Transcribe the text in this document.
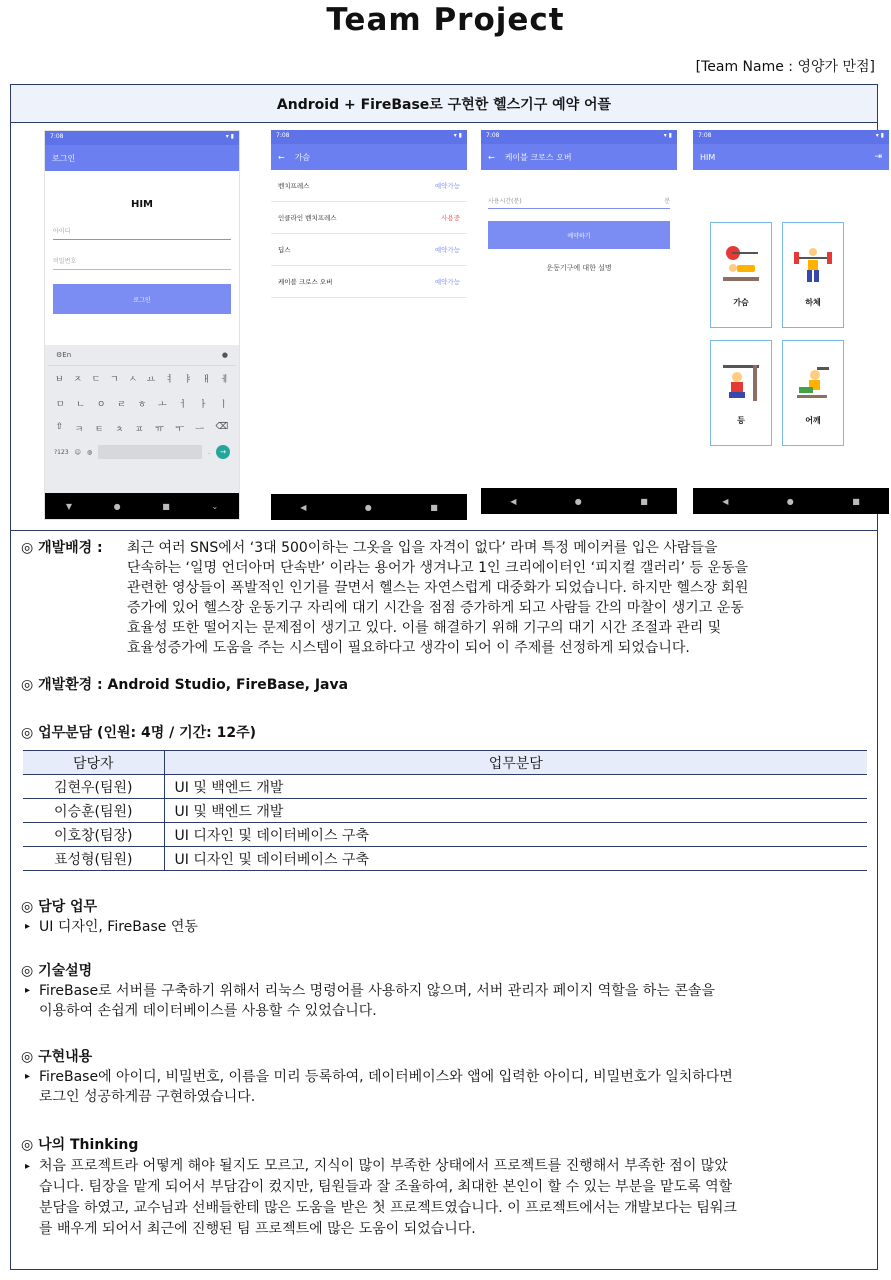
Team Project
[Team Name : 영양가 만점]
Android + FireBase로 구현한 헬스기구 예약 어플
7:08	▾ ▮
로그인
HIM
아이디
비밀번호
로그인
⚙ En	●
ㅂ ㅈ ㄷ ㄱ ㅅ ㅛ ㅕ ㅑ ㅐ ㅔ
ㅁ ㄴ ㅇ ㄹ ㅎ ㅗ ㅓ ㅏ ㅣ
⇧ ㅋ ㅌ ㅊ ㅍ ㅠ ㅜ ㅡ ⌫
?123 ☺ ◍	.	→
▼	●	■	⌄
7:08	▾ ▮
← 가슴
벤치프레스	예약가능
인클라인 벤치프레스	사용중
딥스	예약가능
케이블 크로스 오버	예약가능
◀	●	■
7:08	▾ ▮
← 케이블 크로스 오버
사용시간(분)	분
예약하기
운동기구에 대한 설명
◀	●	■
7:08	▾ ▮
HIM	⇥
가슴	하체
등	어깨
◀	●	■
◎ 개발배경 :	최근 여러 SNS에서 ‘3대 500이하는 그옷을 입을 자격이 없다’ 라며 특정 메이커를 입은 사람들을
단속하는 ‘일명 언더아머 단속반’ 이라는 용어가 생겨나고 1인 크리에이터인 ‘피지컬 갤러리’ 등 운동을
관련한 영상들이 폭발적인 인기를 끌면서 헬스는 자연스럽게 대중화가 되었습니다. 하지만 헬스장 회원
증가에 있어 헬스장 운동기구 자리에 대기 시간을 점점 증가하게 되고 사람들 간의 마찰이 생기고 운동
효율성 또한 떨어지는 문제점이 생기고 있다. 이를 해결하기 위해 기구의 대기 시간 조절과 관리 및
효율성증가에 도움을 주는 시스템이 필요하다고 생각이 되어 이 주제를 선정하게 되었습니다.
◎ 개발환경 : Android Studio, FireBase, Java
◎ 업무분담 (인원: 4명 / 기간: 12주)
담당자	업무분담
김현우(팀원)	UI 및 백엔드 개발
이승훈(팀원)	UI 및 백엔드 개발
이호창(팀장)	UI 디자인 및 데이터베이스 구축
표성형(팀원)	UI 디자인 및 데이터베이스 구축
◎ 담당 업무
▸ UI 디자인, FireBase 연동
◎ 기술설명
▸ FireBase로 서버를 구축하기 위해서 리눅스 명령어를 사용하지 않으며, 서버 관리자 페이지 역할을 하는 콘솔을
이용하여 손쉽게 데이터베이스를 사용할 수 있었습니다.
◎ 구현내용
▸ FireBase에 아이디, 비밀번호, 이름을 미리 등록하여, 데이터베이스와 앱에 입력한 아이디, 비밀번호가 일치하다면
로그인 성공하게끔 구현하였습니다.
◎ 나의 Thinking
▸ 처음 프로젝트라 어떻게 해야 될지도 모르고, 지식이 많이 부족한 상태에서 프로젝트를 진행해서 부족한 점이 많았
습니다. 팀장을 맡게 되어서 부담감이 컸지만, 팀원들과 잘 조율하여, 최대한 본인이 할 수 있는 부분을 맡도록 역할
분담을 하였고, 교수님과 선배들한테 많은 도움을 받은 첫 프로젝트였습니다. 이 프로젝트에서는 개발보다는 팀워크
를 배우게 되어서 최근에 진행된 팀 프로젝트에 많은 도움이 되었습니다.
